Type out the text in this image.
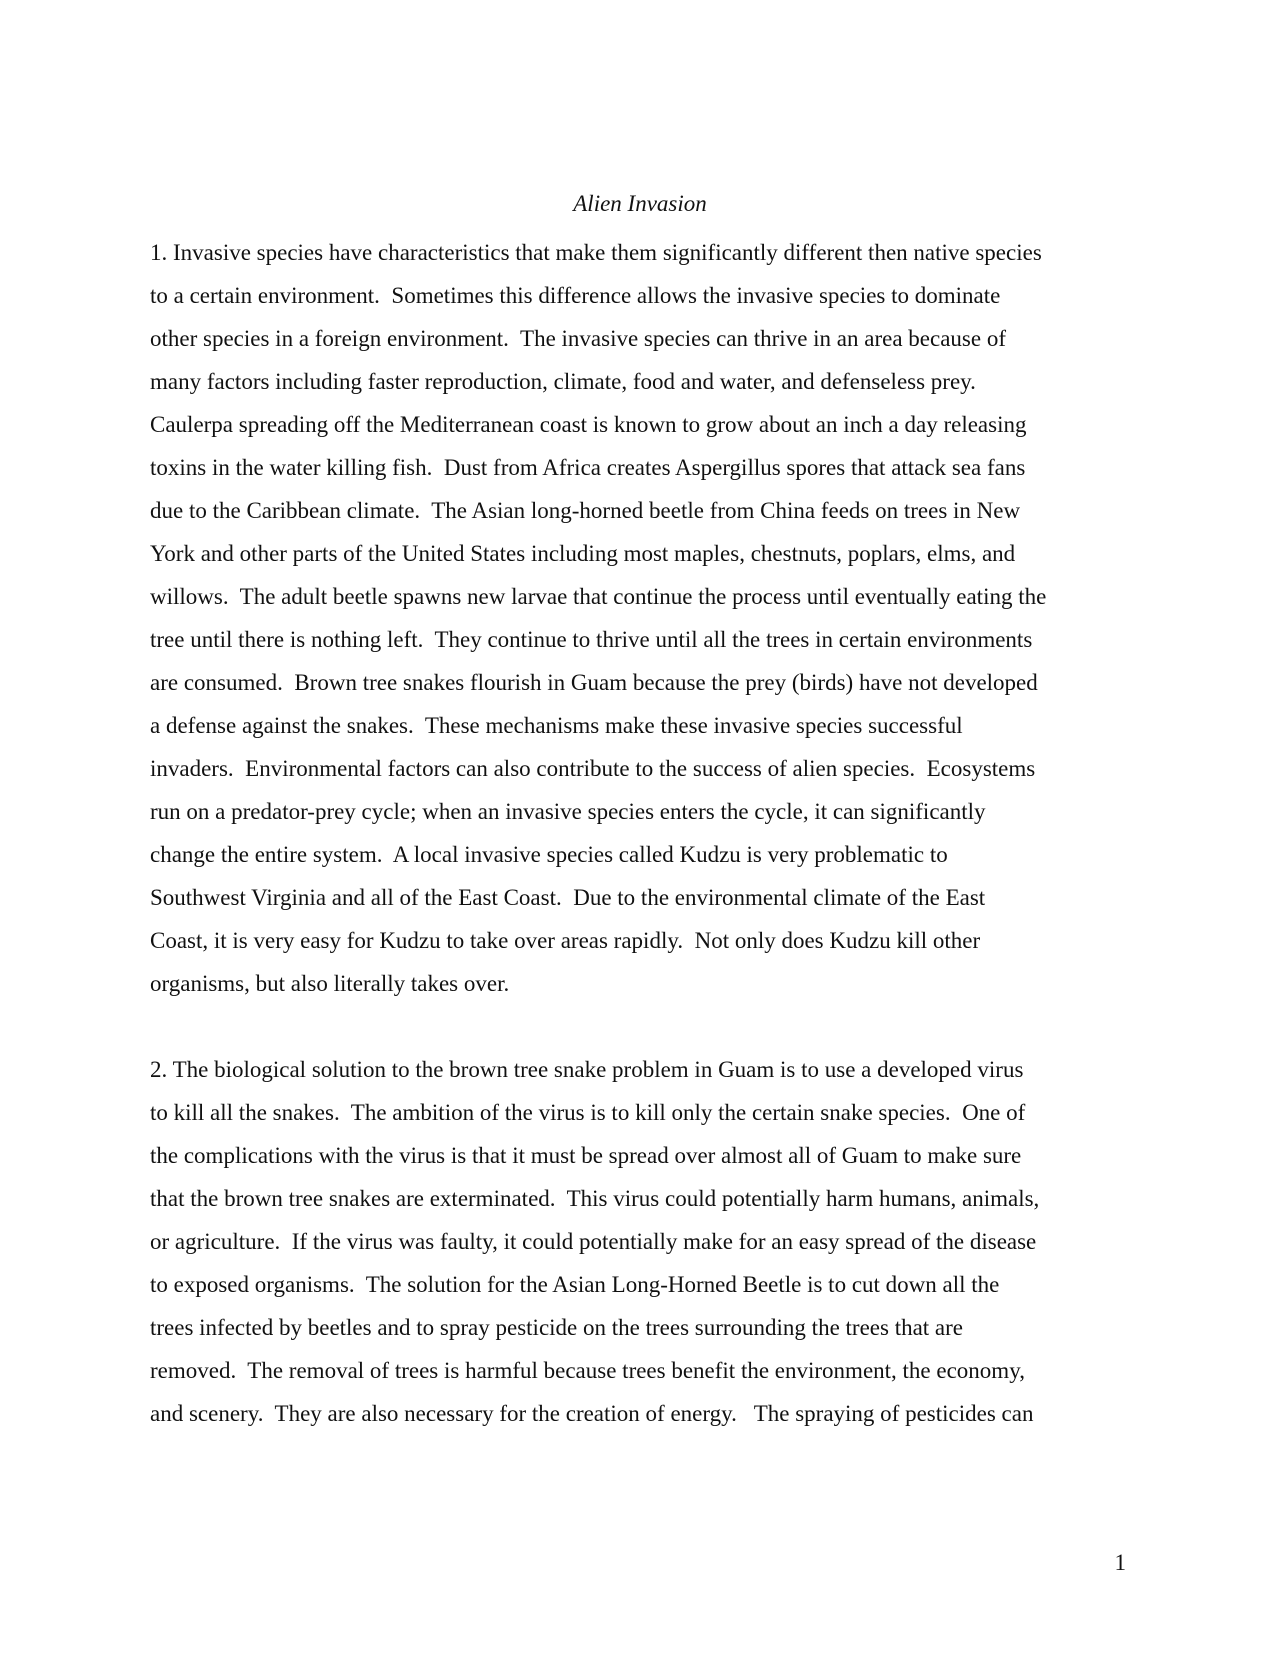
Alien Invasion
1. Invasive species have characteristics that make them significantly different then native species
to a certain environment.  Sometimes this difference allows the invasive species to dominate
other species in a foreign environment.  The invasive species can thrive in an area because of
many factors including faster reproduction, climate, food and water, and defenseless prey.
Caulerpa spreading off the Mediterranean coast is known to grow about an inch a day releasing
toxins in the water killing fish.  Dust from Africa creates Aspergillus spores that attack sea fans
due to the Caribbean climate.  The Asian long-horned beetle from China feeds on trees in New
York and other parts of the United States including most maples, chestnuts, poplars, elms, and
willows.  The adult beetle spawns new larvae that continue the process until eventually eating the
tree until there is nothing left.  They continue to thrive until all the trees in certain environments
are consumed.  Brown tree snakes flourish in Guam because the prey (birds) have not developed
a defense against the snakes.  These mechanisms make these invasive species successful
invaders.  Environmental factors can also contribute to the success of alien species.  Ecosystems
run on a predator-prey cycle; when an invasive species enters the cycle, it can significantly
change the entire system.  A local invasive species called Kudzu is very problematic to
Southwest Virginia and all of the East Coast.  Due to the environmental climate of the East
Coast, it is very easy for Kudzu to take over areas rapidly.  Not only does Kudzu kill other
organisms, but also literally takes over.
2. The biological solution to the brown tree snake problem in Guam is to use a developed virus
to kill all the snakes.  The ambition of the virus is to kill only the certain snake species.  One of
the complications with the virus is that it must be spread over almost all of Guam to make sure
that the brown tree snakes are exterminated.  This virus could potentially harm humans, animals,
or agriculture.  If the virus was faulty, it could potentially make for an easy spread of the disease
to exposed organisms.  The solution for the Asian Long-Horned Beetle is to cut down all the
trees infected by beetles and to spray pesticide on the trees surrounding the trees that are
removed.  The removal of trees is harmful because trees benefit the environment, the economy,
and scenery.  They are also necessary for the creation of energy.   The spraying of pesticides can

1
